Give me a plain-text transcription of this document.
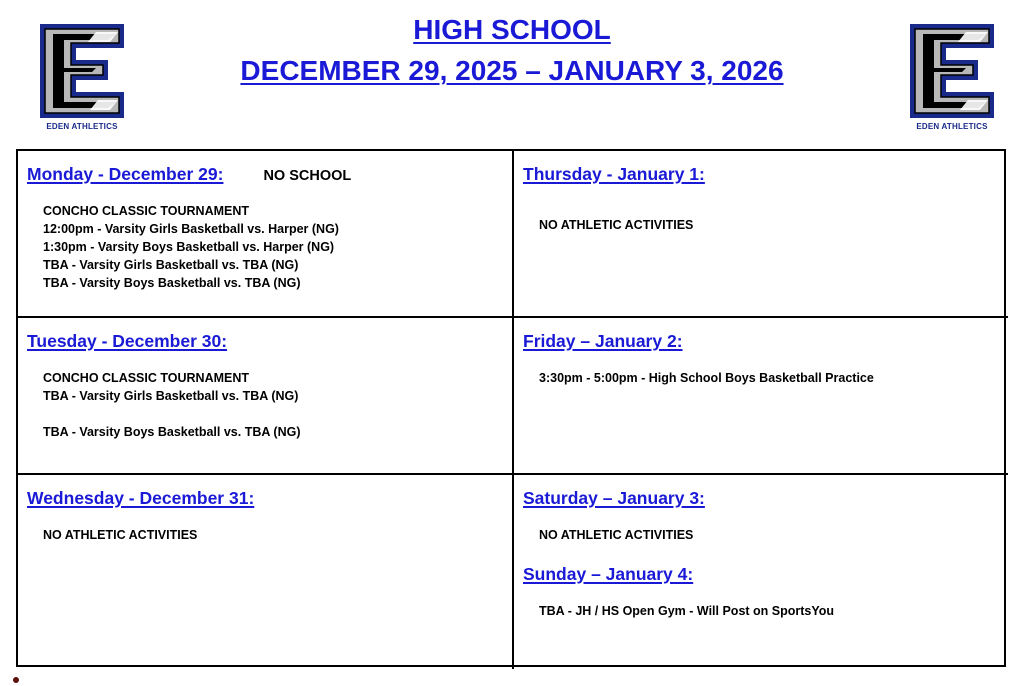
EDEN ATHLETICS	EDEN ATHLETICS
HIGH SCHOOL
DECEMBER 29, 2025 – JANUARY 3, 2026
Monday - December 29:	NO SCHOOL
CONCHO CLASSIC TOURNAMENT
12:00pm - Varsity Girls Basketball vs. Harper (NG)
1:30pm - Varsity Boys Basketball vs. Harper (NG)
TBA - Varsity Girls Basketball vs. TBA (NG)
TBA - Varsity Boys Basketball vs. TBA (NG)
Thursday - January 1:
NO ATHLETIC ACTIVITIES
Tuesday - December 30:
CONCHO CLASSIC TOURNAMENT
TBA - Varsity Girls Basketball vs. TBA (NG)
TBA - Varsity Boys Basketball vs. TBA (NG)
Friday – January 2:
3:30pm - 5:00pm - High School Boys Basketball Practice
Wednesday - December 31:
NO ATHLETIC ACTIVITIES
Saturday – January 3:
NO ATHLETIC ACTIVITIES
Sunday – January 4:
TBA - JH / HS Open Gym - Will Post on SportsYou
